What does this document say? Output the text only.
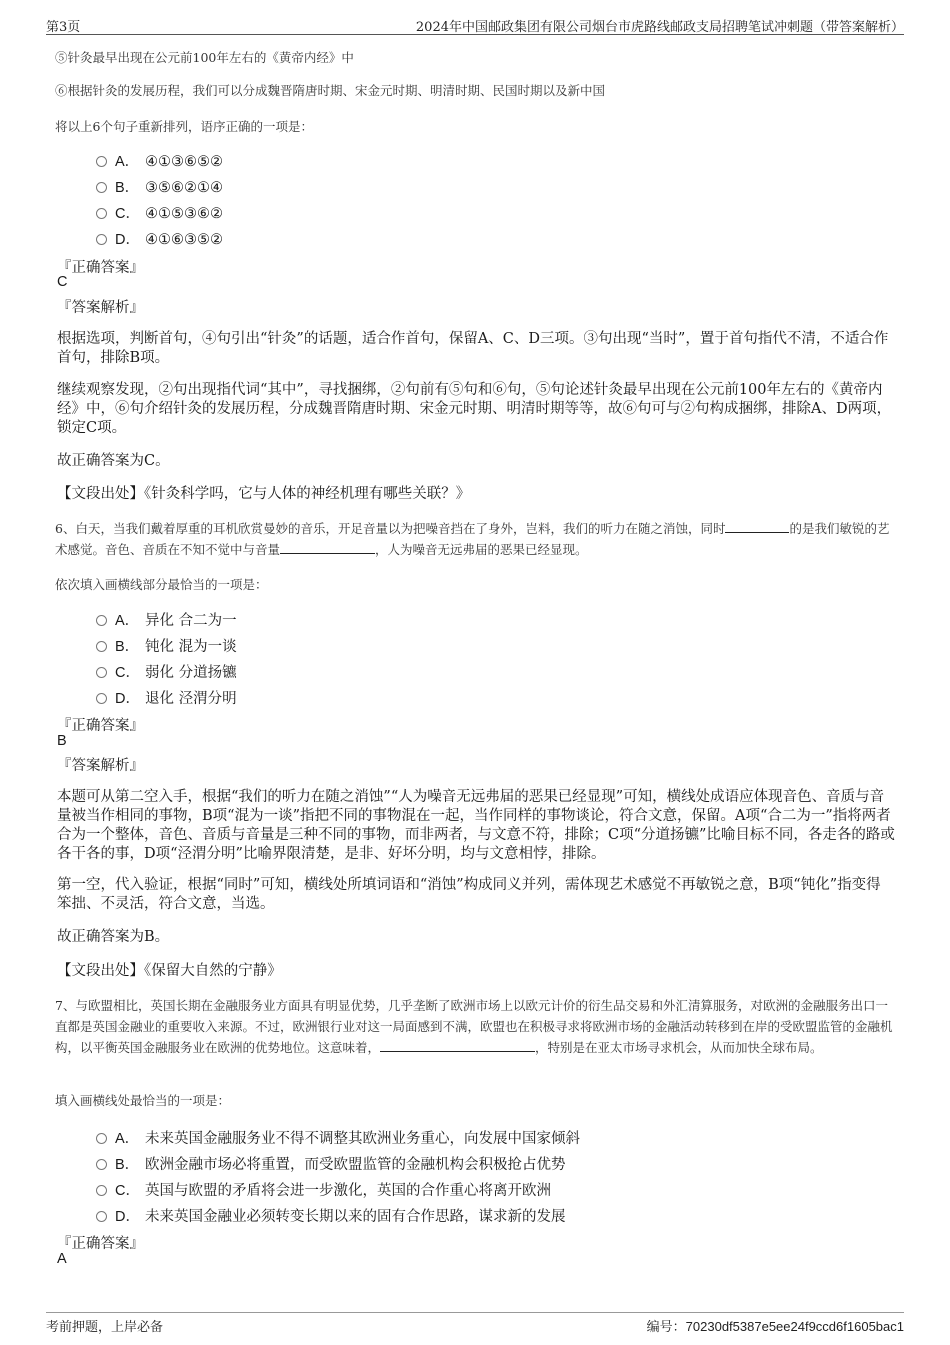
第3页	2024年中国邮政集团有限公司烟台市虎路线邮政支局招聘笔试冲刺题（带答案解析）
⑤针灸最早出现在公元前100年左右的《黄帝内经》中
⑥根据针灸的发展历程，我们可以分成魏晋隋唐时期、宋金元时期、明清时期、民国时期以及新中国
将以上6个句子重新排列，语序正确的一项是：
A． ④①③⑥⑤②
B． ③⑤⑥②①④
C． ④①⑤③⑥②
D． ④①⑥③⑤②
『正确答案』
C
『答案解析』
根据选项，判断首句，④句引出“针灸”的话题，适合作首句，保留A、C、D三项。③句出现“当时”，置于首句指代不清，不适合作首句，排除B项。
继续观察发现，②句出现指代词“其中”，寻找捆绑，②句前有⑤句和⑥句，⑤句论述针灸最早出现在公元前100年左右的《黄帝内经》中，⑥句介绍针灸的发展历程，分成魏晋隋唐时期、宋金元时期、明清时期等等，故⑥句可与②句构成捆绑，排除A、D两项，锁定C项。
故正确答案为C。
【文段出处】《针灸科学吗，它与人体的神经机理有哪些关联？》
6、白天，当我们戴着厚重的耳机欣赏曼妙的音乐，开足音量以为把噪音挡在了身外，岂料，我们的听力在随之消蚀，同时	的是我们敏锐的艺术感觉。音色、音质在不知不觉中与音量	，人为噪音无远弗届的恶果已经显现。
依次填入画横线部分最恰当的一项是：
A． 异化 合二为一
B． 钝化 混为一谈
C． 弱化 分道扬镳
D． 退化 泾渭分明
『正确答案』
B
『答案解析』
本题可从第二空入手，根据“我们的听力在随之消蚀”“人为噪音无远弗届的恶果已经显现”可知，横线处成语应体现音色、音质与音量被当作相同的事物，B项“混为一谈”指把不同的事物混在一起，当作同样的事物谈论，符合文意，保留。A项“合二为一”指将两者合为一个整体，音色、音质与音量是三种不同的事物，而非两者，与文意不符，排除；C项“分道扬镳”比喻目标不同，各走各的路或各干各的事，D项“泾渭分明”比喻界限清楚，是非、好坏分明，均与文意相悖，排除。
第一空，代入验证，根据“同时”可知，横线处所填词语和“消蚀”构成同义并列，需体现艺术感觉不再敏锐之意，B项“钝化”指变得笨拙、不灵活，符合文意，当选。
故正确答案为B。
【文段出处】《保留大自然的宁静》
7、与欧盟相比，英国长期在金融服务业方面具有明显优势，几乎垄断了欧洲市场上以欧元计价的衍生品交易和外汇清算服务，对欧洲的金融服务出口一直都是英国金融业的重要收入来源。不过，欧洲银行业对这一局面感到不满，欧盟也在积极寻求将欧洲市场的金融活动转移到在岸的受欧盟监管的金融机构，以平衡英国金融服务业在欧洲的优势地位。这意味着，	，特别是在亚太市场寻求机会，从而加快全球布局。
填入画横线处最恰当的一项是：
A． 未来英国金融服务业不得不调整其欧洲业务重心，向发展中国家倾斜
B． 欧洲金融市场必将重置，而受欧盟监管的金融机构会积极抢占优势
C． 英国与欧盟的矛盾将会进一步激化，英国的合作重心将离开欧洲
D． 未来英国金融业必须转变长期以来的固有合作思路，谋求新的发展
『正确答案』
A
考前押题，上岸必备	编号：70230df5387e5ee24f9ccd6f1605bac1
